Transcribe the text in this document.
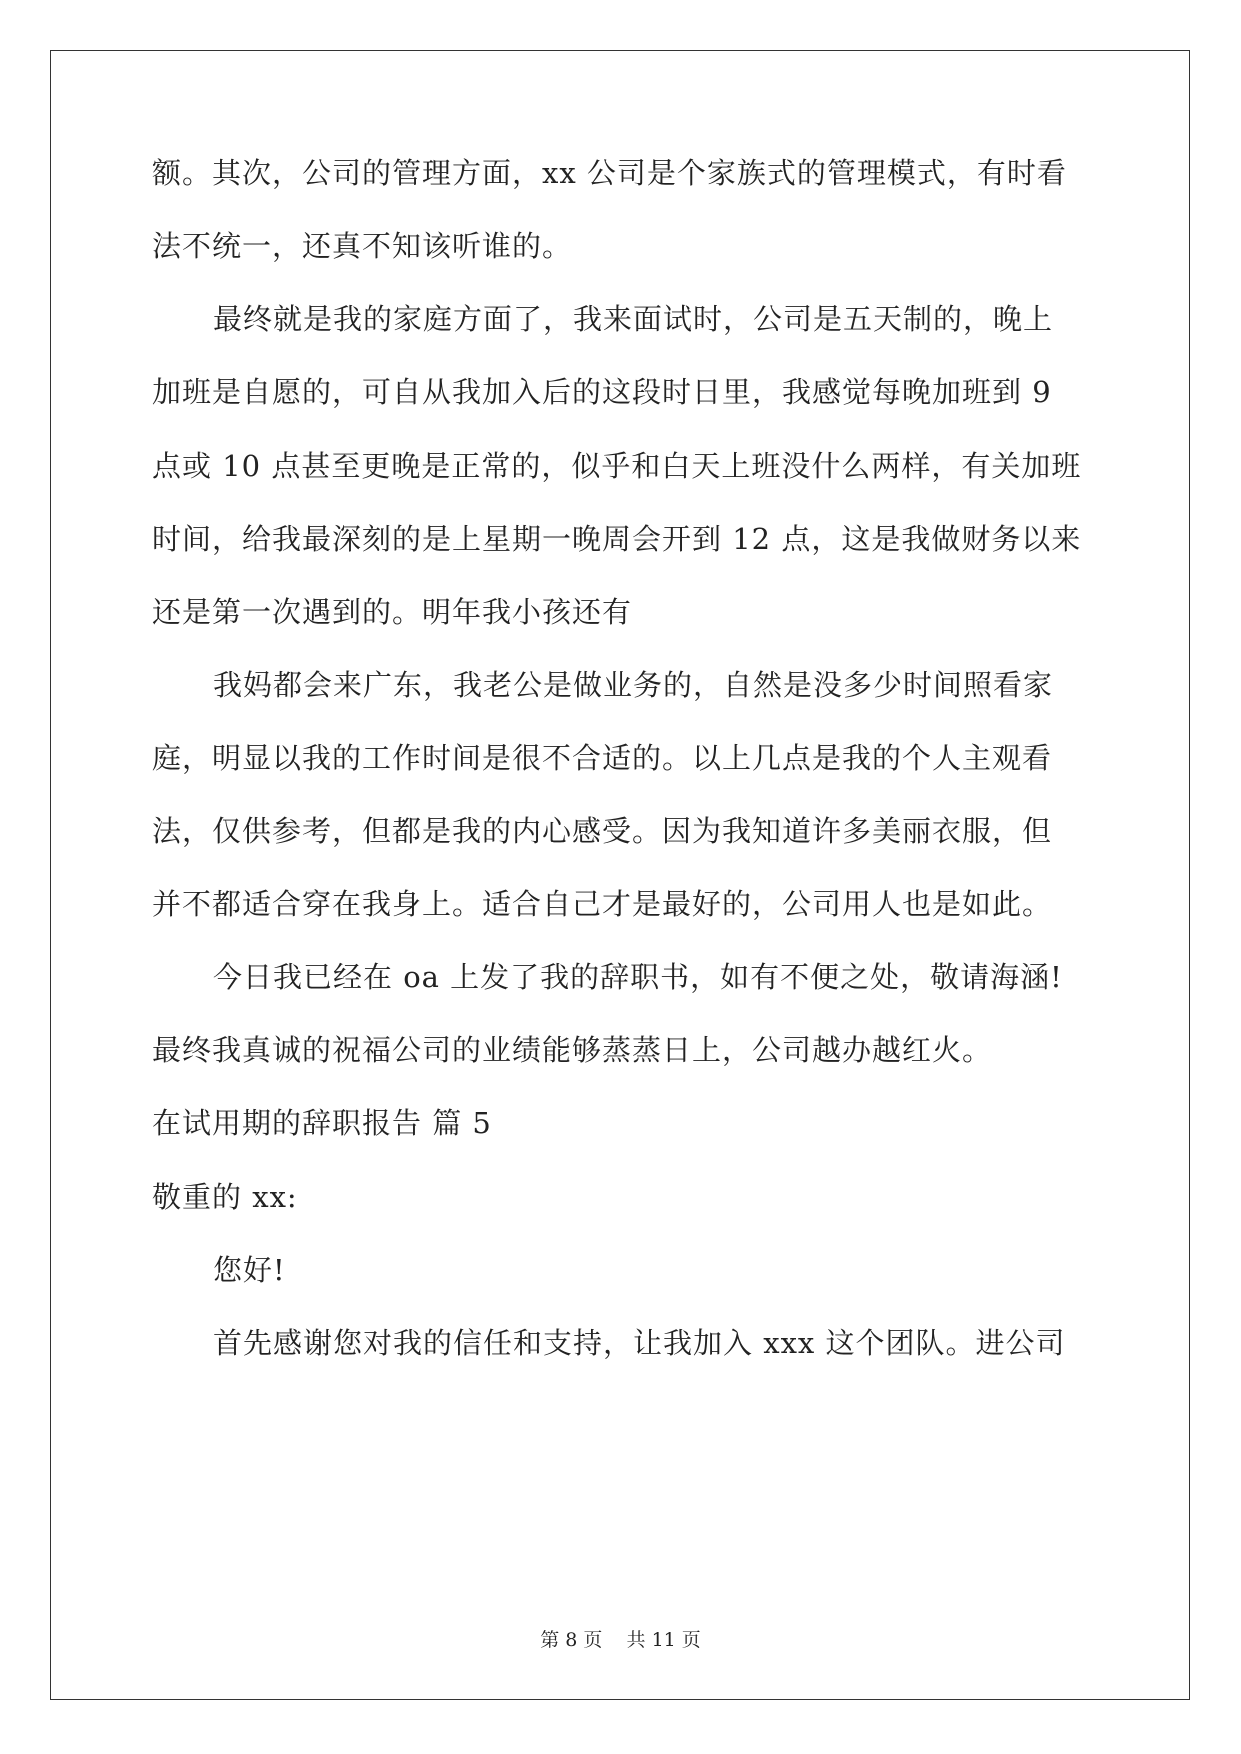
额。其次，公司的管理方面，xx 公司是个家族式的管理模式，有时看
法不统一，还真不知该听谁的。
最终就是我的家庭方面了，我来面试时，公司是五天制的，晚上
加班是自愿的，可自从我加入后的这段时日里，我感觉每晚加班到 9
点或 10 点甚至更晚是正常的，似乎和白天上班没什么两样，有关加班
时间，给我最深刻的是上星期一晚周会开到 12 点，这是我做财务以来
还是第一次遇到的。明年我小孩还有
我妈都会来广东，我老公是做业务的，自然是没多少时间照看家
庭，明显以我的工作时间是很不合适的。以上几点是我的个人主观看
法，仅供参考，但都是我的内心感受。因为我知道许多美丽衣服，但
并不都适合穿在我身上。适合自己才是最好的，公司用人也是如此。
今日我已经在 oa 上发了我的辞职书，如有不便之处，敬请海涵!
最终我真诚的祝福公司的业绩能够蒸蒸日上，公司越办越红火。
在试用期的辞职报告 篇 5
敬重的 xx:
您好!
首先感谢您对我的信任和支持，让我加入 xxx 这个团队。进公司
第 8 页    共 11 页
